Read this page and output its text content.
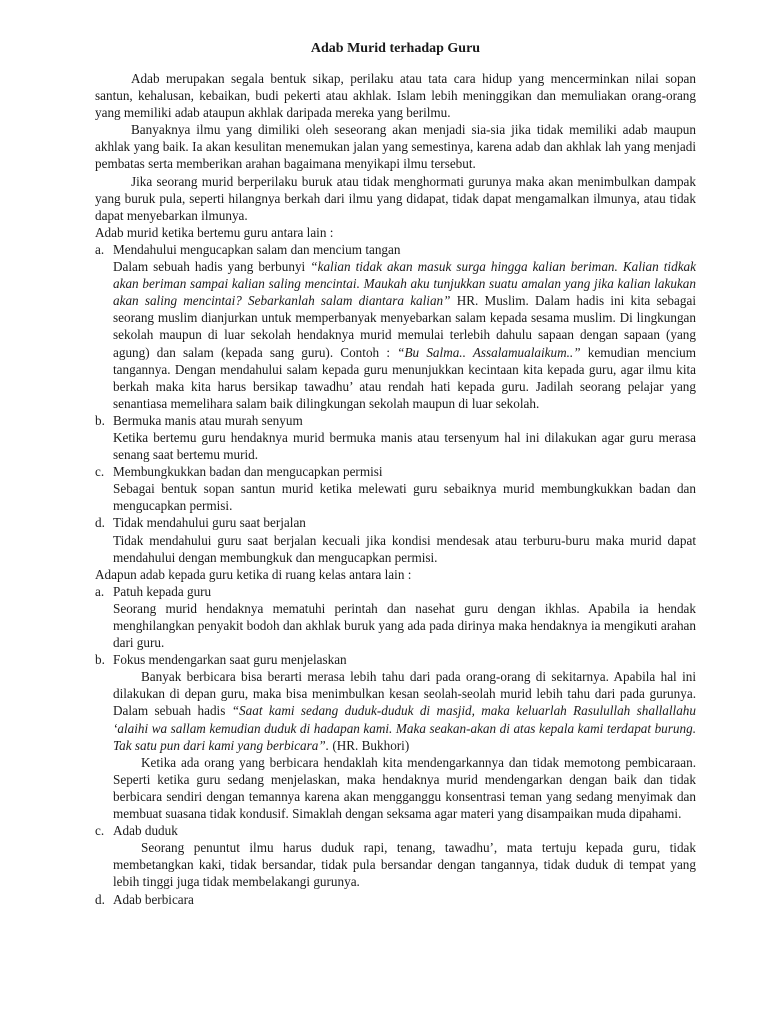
Adab Murid terhadap Guru

Adab merupakan segala bentuk sikap, perilaku atau tata cara hidup yang mencerminkan nilai sopan santun, kehalusan, kebaikan, budi pekerti atau akhlak. Islam lebih meninggikan dan memuliakan orang-orang yang memiliki adab ataupun akhlak daripada mereka yang berilmu.

Banyaknya ilmu yang dimiliki oleh seseorang akan menjadi sia-sia jika tidak memiliki adab maupun akhlak yang baik. Ia akan kesulitan menemukan jalan yang semestinya, karena adab dan akhlak lah yang menjadi pembatas serta memberikan arahan bagaimana menyikapi ilmu tersebut.

Jika seorang murid berperilaku buruk atau tidak menghormati gurunya maka akan menimbulkan dampak yang buruk pula, seperti hilangnya berkah dari ilmu yang didapat, tidak dapat mengamalkan ilmunya, atau tidak dapat menyebarkan ilmunya.

Adab murid ketika bertemu guru antara lain :

a. Mendahului mengucapkan salam dan mencium tangan

Dalam sebuah hadis yang berbunyi “kalian tidak akan masuk surga hingga kalian beriman. Kalian tidkak akan beriman sampai kalian saling mencintai. Maukah aku tunjukkan suatu amalan yang jika kalian lakukan akan saling mencintai? Sebarkanlah salam diantara kalian” HR. Muslim. Dalam hadis ini kita sebagai seorang muslim dianjurkan untuk memperbanyak menyebarkan salam kepada sesama muslim. Di lingkungan sekolah maupun di luar sekolah hendaknya murid memulai terlebih dahulu sapaan dengan sapaan (yang agung) dan salam (kepada sang guru). Contoh : “Bu Salma.. Assalamualaikum..” kemudian mencium tangannya. Dengan mendahului salam kepada guru menunjukkan kecintaan kita kepada guru, agar ilmu kita berkah maka kita harus bersikap tawadhu’ atau rendah hati kepada guru. Jadilah seorang pelajar yang senantiasa memelihara salam baik dilingkungan sekolah maupun di luar sekolah.

b. Bermuka manis atau murah senyum

Ketika bertemu guru hendaknya murid bermuka manis atau tersenyum hal ini dilakukan agar guru merasa senang saat bertemu murid.

c. Membungkukkan badan dan mengucapkan permisi

Sebagai bentuk sopan santun murid ketika melewati guru sebaiknya murid membungkukkan badan dan mengucapkan permisi.

d. Tidak mendahului guru saat berjalan

Tidak mendahului guru saat berjalan kecuali jika kondisi mendesak atau terburu-buru maka murid dapat mendahului dengan membungkuk dan mengucapkan permisi.

Adapun adab kepada guru ketika di ruang kelas antara lain :

a. Patuh kepada guru

Seorang murid hendaknya mematuhi perintah dan nasehat guru dengan ikhlas. Apabila ia hendak menghilangkan penyakit bodoh dan akhlak buruk yang ada pada dirinya maka hendaknya ia mengikuti arahan dari guru.

b. Fokus mendengarkan saat guru menjelaskan

Banyak berbicara bisa berarti merasa lebih tahu dari pada orang-orang di sekitarnya. Apabila hal ini dilakukan di depan guru, maka bisa menimbulkan kesan seolah-seolah murid lebih tahu dari pada gurunya. Dalam sebuah hadis “Saat kami sedang duduk-duduk di masjid, maka keluarlah Rasulullah shallallahu ‘alaihi wa sallam kemudian duduk di hadapan kami. Maka seakan-akan di atas kepala kami terdapat burung. Tak satu pun dari kami yang berbicara”. (HR. Bukhori)

Ketika ada orang yang berbicara hendaklah kita mendengarkannya dan tidak memotong pembicaraan. Seperti ketika guru sedang menjelaskan, maka hendaknya murid mendengarkan dengan baik dan tidak berbicara sendiri dengan temannya karena akan mengganggu konsentrasi teman yang sedang menyimak dan membuat suasana tidak kondusif. Simaklah dengan seksama agar materi yang disampaikan muda dipahami.

c. Adab duduk

Seorang penuntut ilmu harus duduk rapi, tenang, tawadhu’, mata tertuju kepada guru, tidak membetangkan kaki, tidak bersandar, tidak pula bersandar dengan tangannya, tidak duduk di tempat yang lebih tinggi juga tidak membelakangi gurunya.

d. Adab berbicara
